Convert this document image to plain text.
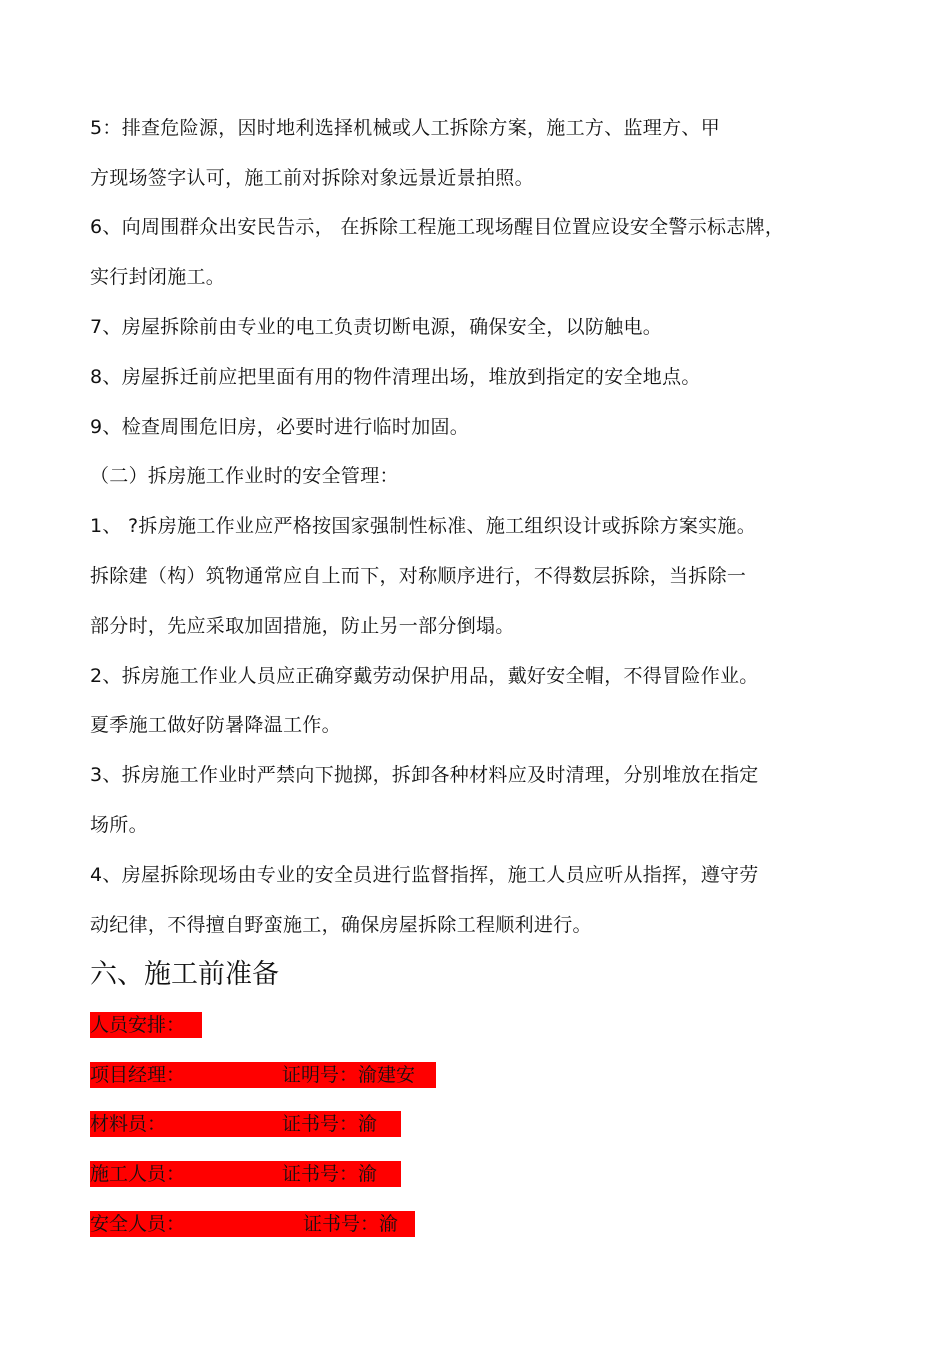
5：排查危险源，因时地利选择机械或人工拆除方案，施工方、监理方、甲
方现场签字认可，施工前对拆除对象远景近景拍照。
6、向周围群众出安民告示， 在拆除工程施工现场醒目位置应设安全警示标志牌，
实行封闭施工。
7、房屋拆除前由专业的电工负责切断电源，确保安全，以防触电。
8、房屋拆迁前应把里面有用的物件清理出场，堆放到指定的安全地点。
9、检查周围危旧房，必要时进行临时加固。
（二）拆房施工作业时的安全管理：
1、 ?拆房施工作业应严格按国家强制性标准、施工组织设计或拆除方案实施。
拆除建（构）筑物通常应自上而下，对称顺序进行，不得数层拆除，当拆除一
部分时，先应采取加固措施，防止另一部分倒塌。
2、拆房施工作业人员应正确穿戴劳动保护用品，戴好安全帽，不得冒险作业。
夏季施工做好防暑降温工作。
3、拆房施工作业时严禁向下抛掷，拆卸各种材料应及时清理，分别堆放在指定
场所。
4、房屋拆除现场由专业的安全员进行监督指挥，施工人员应听从指挥，遵守劳
动纪律，不得擅自野蛮施工，确保房屋拆除工程顺利进行。
六、施工前准备
人员安排：
项目经理：	证明号：渝建安
材料员：	证书号：渝
施工人员：	证书号：渝
安全人员：	证书号：渝
